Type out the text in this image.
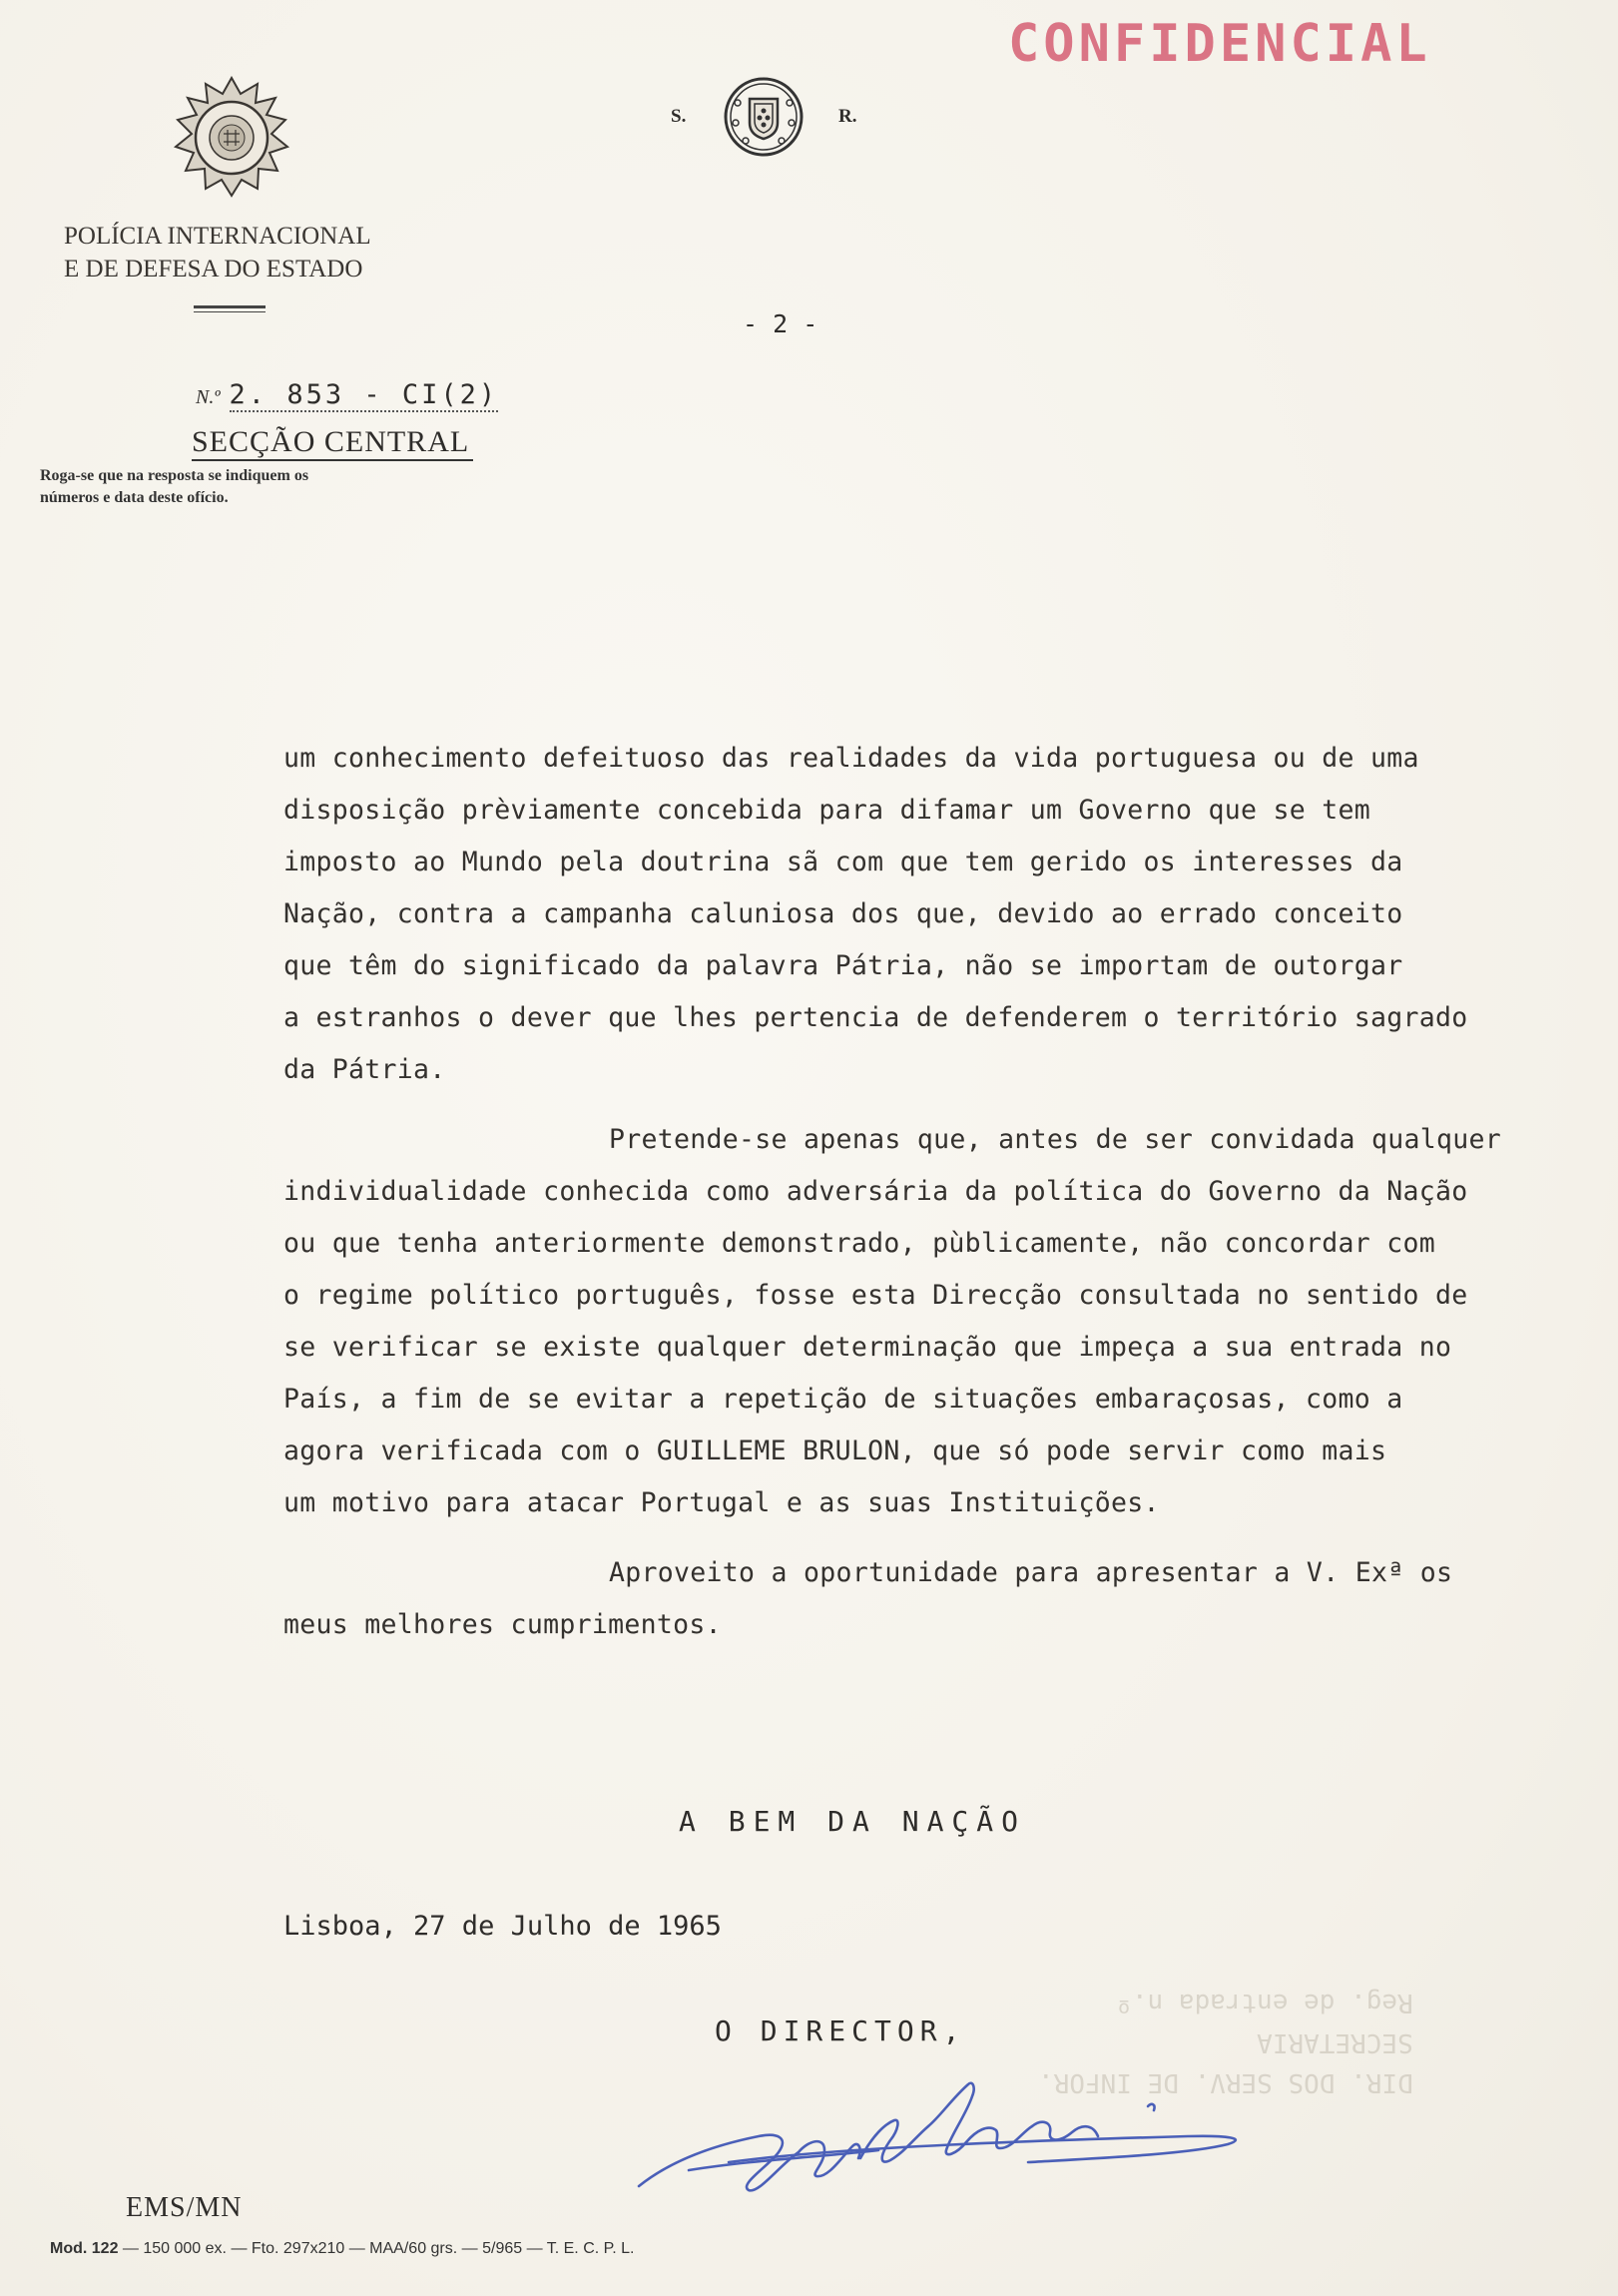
CONFIDENCIAL
POLÍCIA INTERNACIONAL
E DE DEFESA DO ESTADO
S.	R.
- 2 -
N.º 2. 853 - CI(2)
SECÇÃO CENTRAL
Roga-se que na resposta se indiquem os números e data deste ofício.
um conhecimento defeituoso das realidades da vida portuguesa ou de uma
disposição prèviamente concebida para difamar um Governo que se tem
imposto ao Mundo pela doutrina sã com que tem gerido os interesses da
Nação, contra a campanha caluniosa dos que, devido ao errado conceito
que têm do significado da palavra Pátria, não se importam de outorgar
a estranhos o dever que lhes pertencia de defenderem o território sagrado
da Pátria.
Pretende-se apenas que, antes de ser convidada qualquer
individualidade conhecida como adversária da política do Governo da Nação
ou que tenha anteriormente demonstrado, pùblicamente, não concordar com
o regime político português, fosse esta Direcção consultada no sentido de
se verificar se existe qualquer determinação que impeça a sua entrada no
País, a fim de se evitar a repetição de situações embaraçosas, como a
agora verificada com o GUILLEME BRULON, que só pode servir como mais
um motivo para atacar Portugal e as suas Instituições.
Aproveito a oportunidade para apresentar a V. Exª os
meus melhores cumprimentos.
A BEM DA NAÇÃO
Lisboa, 27 de Julho de 1965
O DIRECTOR,
DIR. DOS SERV. DE INFOR.
SECRETARIA
Reg. de entrada n.º
EMS/MN
Mod. 122 — 150 000 ex. — Fto. 297x210 — MAA/60 grs. — 5/965 — T. E. C. P. L.
